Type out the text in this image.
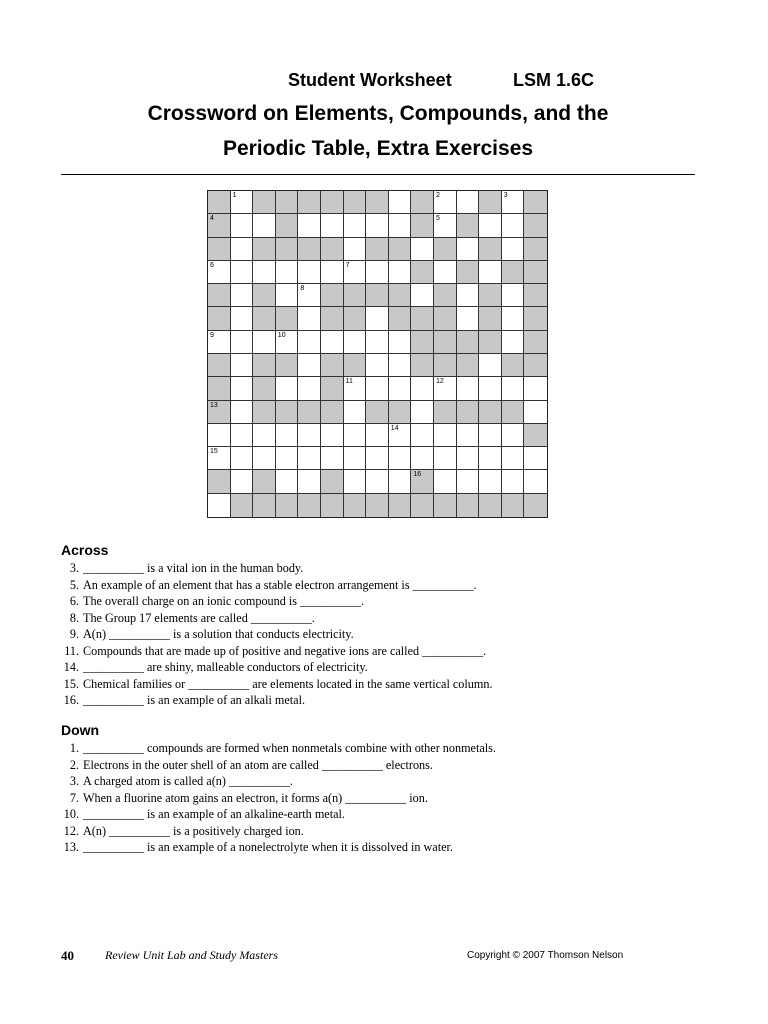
Student Worksheet	LSM 1.6C
Crossword on Elements, Compounds, and the
Periodic Table, Extra Exercises
1	2	3
4	5
6	7
8
9	10
11	12
13
14
15
16
Across
3. __________ is a vital ion in the human body.
5. An example of an element that has a stable electron arrangement is __________.
6. The overall charge on an ionic compound is __________.
8. The Group 17 elements are called __________.
9. A(n) __________ is a solution that conducts electricity.
11. Compounds that are made up of positive and negative ions are called __________.
14. __________ are shiny, malleable conductors of electricity.
15. Chemical families or __________ are elements located in the same vertical column.
16. __________ is an example of an alkali metal.
Down
1. __________ compounds are formed when nonmetals combine with other nonmetals.
2. Electrons in the outer shell of an atom are called __________ electrons.
3. A charged atom is called a(n) __________.
7. When a fluorine atom gains an electron, it forms a(n) __________ ion.
10. __________ is an example of an alkaline-earth metal.
12. A(n) __________ is a positively charged ion.
13. __________ is an example of a nonelectrolyte when it is dissolved in water.
40	Review Unit Lab and Study Masters	Copyright © 2007 Thomson Nelson
